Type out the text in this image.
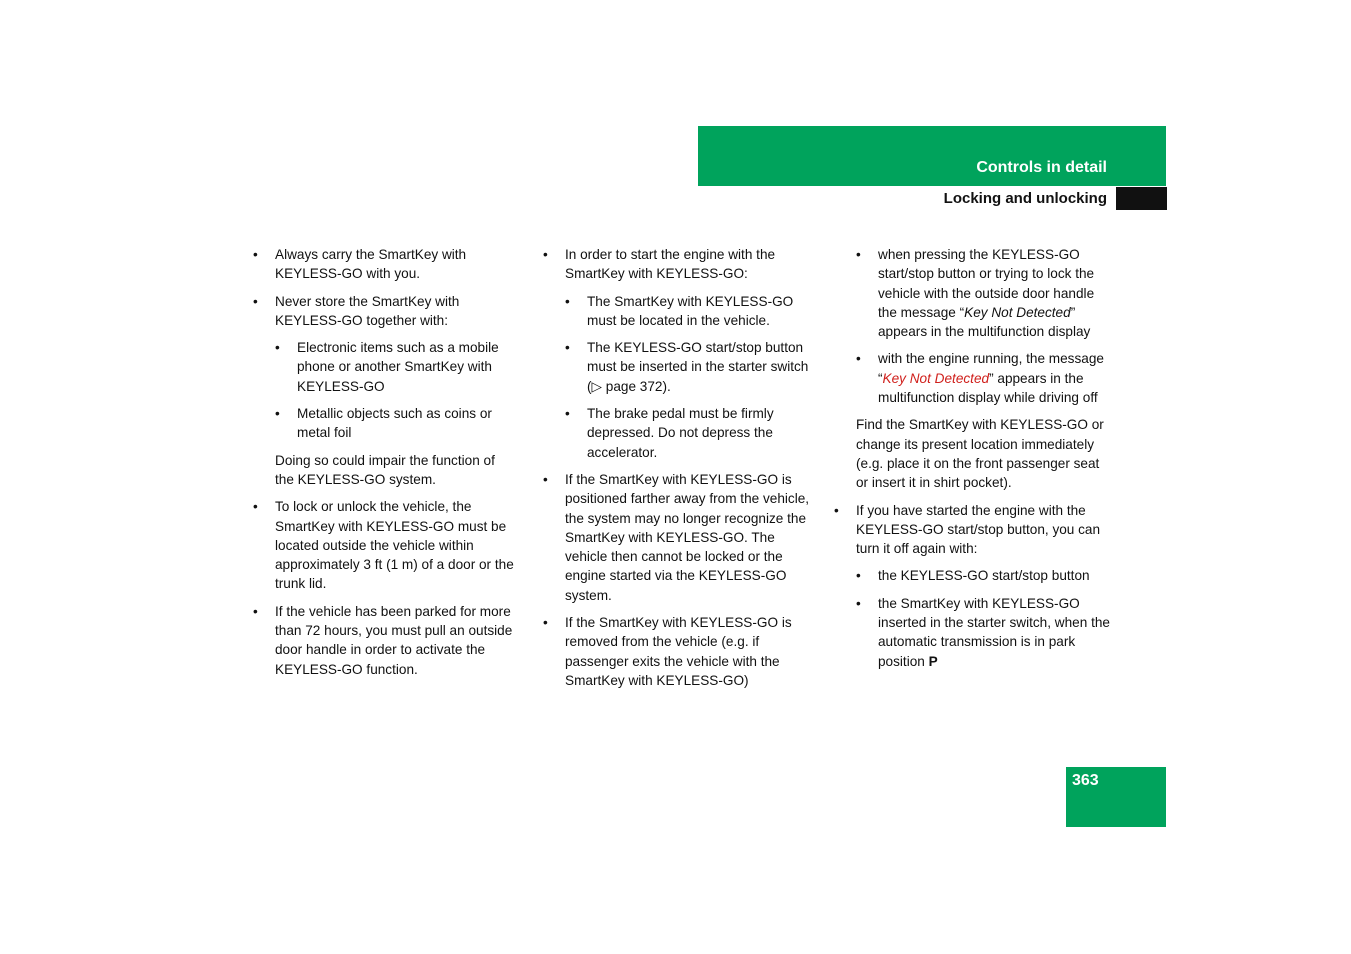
Controls in detail
Locking and unlocking
• Always carry the SmartKey with KEYLESS-GO with you.
• Never store the SmartKey with KEYLESS-GO together with:
• Electronic items such as a mobile phone or another SmartKey with KEYLESS-GO
• Metallic objects such as coins or metal foil
Doing so could impair the function of the KEYLESS-GO system.
• To lock or unlock the vehicle, the SmartKey with KEYLESS-GO must be located outside the vehicle within approximately 3 ft (1 m) of a door or the trunk lid.
• If the vehicle has been parked for more than 72 hours, you must pull an outside door handle in order to activate the KEYLESS-GO function.
• In order to start the engine with the SmartKey with KEYLESS-GO:
• The SmartKey with KEYLESS-GO must be located in the vehicle.
• The KEYLESS-GO start/stop button must be inserted in the starter switch (▷ page 372).
• The brake pedal must be firmly depressed. Do not depress the accelerator.
• If the SmartKey with KEYLESS-GO is positioned farther away from the vehicle, the system may no longer recognize the SmartKey with KEYLESS-GO. The vehicle then cannot be locked or the engine started via the KEYLESS-GO system.
• If the SmartKey with KEYLESS-GO is removed from the vehicle (e.g. if passenger exits the vehicle with the SmartKey with KEYLESS-GO)
• when pressing the KEYLESS-GO start/stop button or trying to lock the vehicle with the outside door handle the message “Key Not Detected” appears in the multifunction display
• with the engine running, the message “Key Not Detected” appears in the multifunction display while driving off
Find the SmartKey with KEYLESS-GO or change its present location immediately (e.g. place it on the front passenger seat or insert it in shirt pocket).
• If you have started the engine with the KEYLESS-GO start/stop button, you can turn it off again with:
• the KEYLESS-GO start/stop button
• the SmartKey with KEYLESS-GO inserted in the starter switch, when the automatic transmission is in park position P
363
